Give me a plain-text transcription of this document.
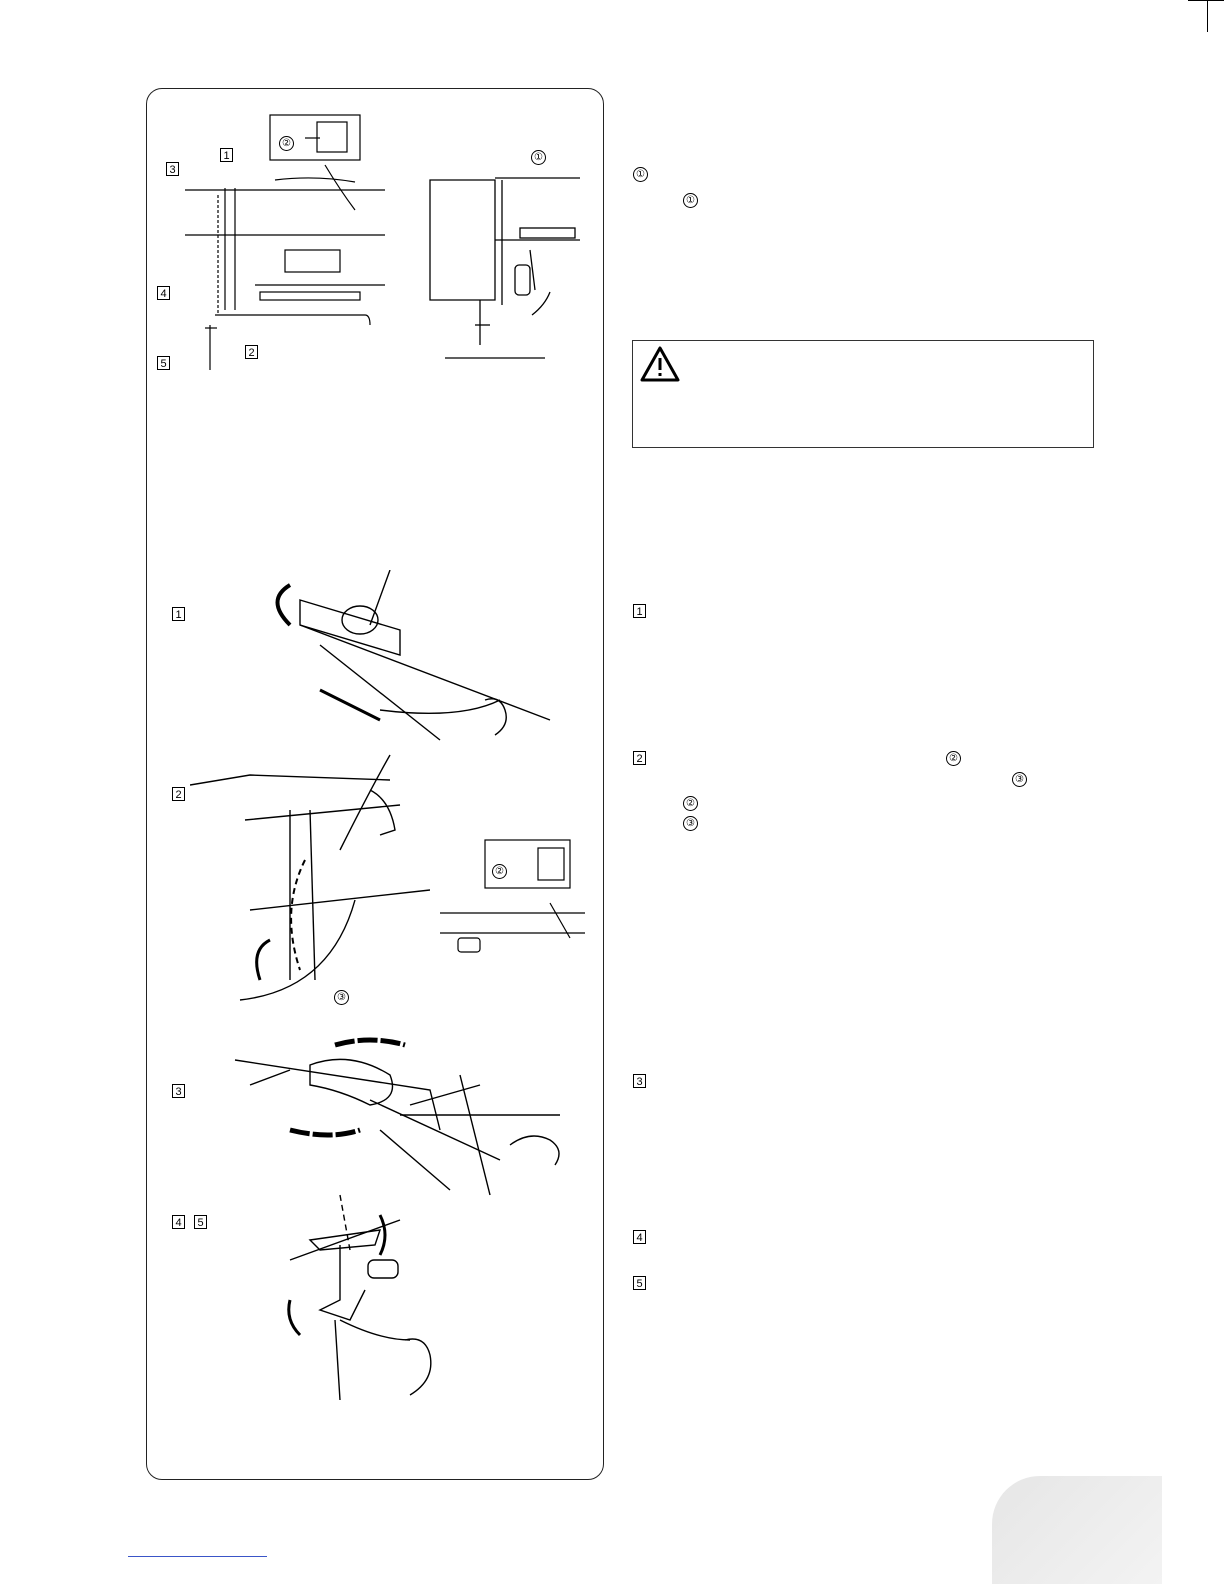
1
3
4
2
5
②
①
1
2
③
②
3
4	5
①
①
1
2	②
③
②
③
3
4
5
